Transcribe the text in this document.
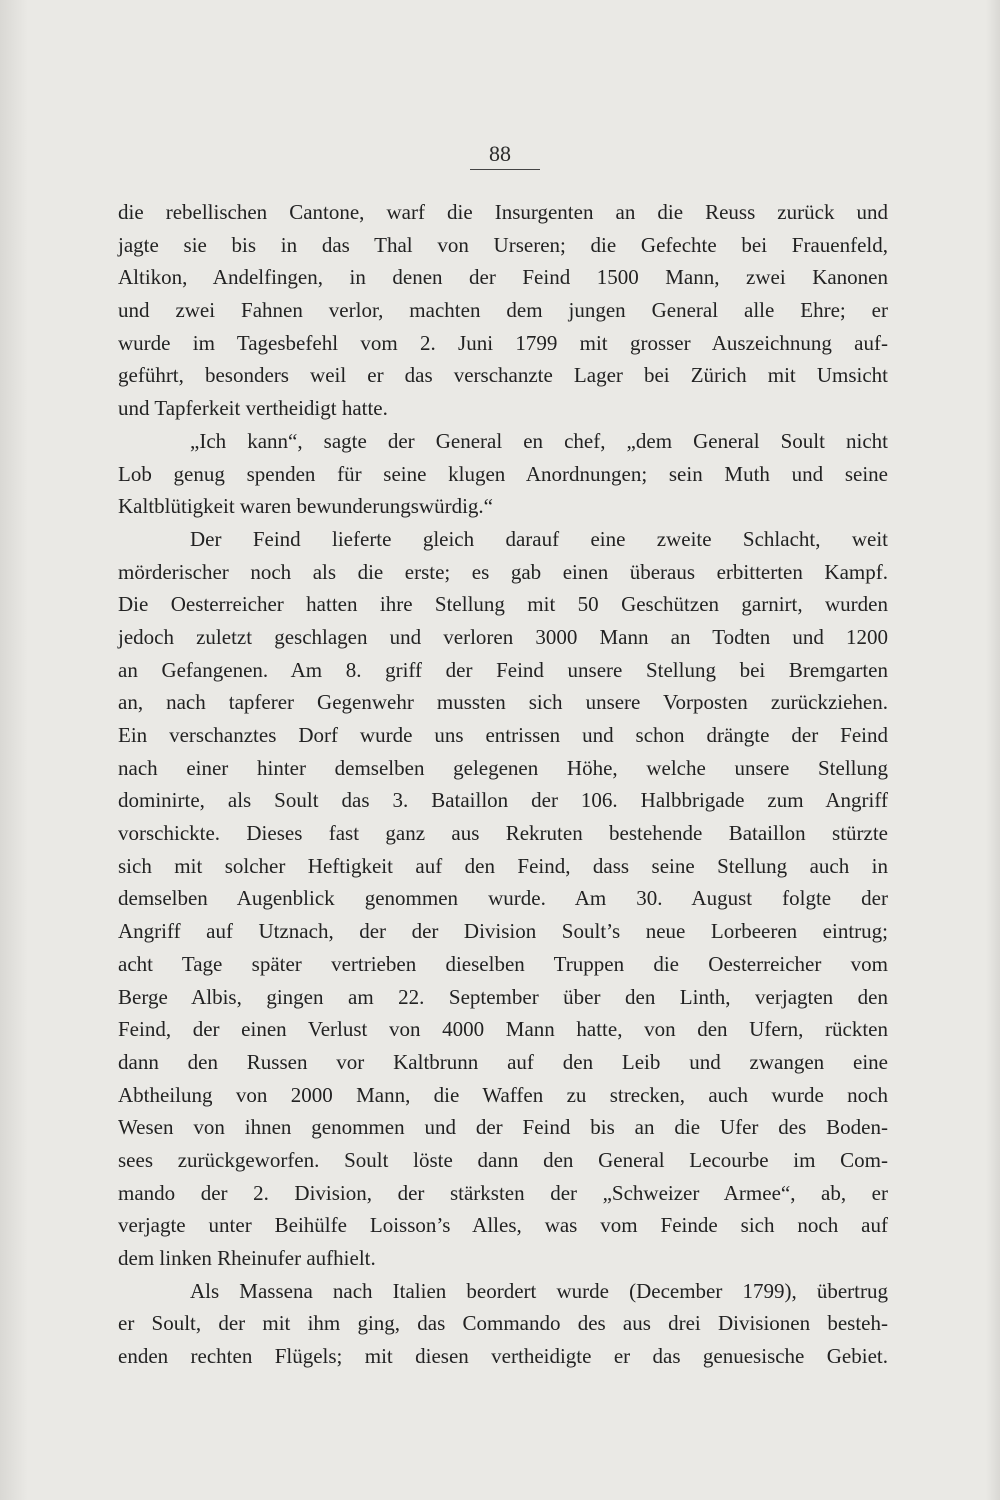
88
die rebellischen Cantone, warf die Insurgenten an die Reuss zurück und
jagte sie bis in das Thal von Urseren; die Gefechte bei Frauenfeld,
Altikon, Andelfingen, in denen der Feind 1500 Mann, zwei Kanonen
und zwei Fahnen verlor, machten dem jungen General alle Ehre; er
wurde im Tagesbefehl vom 2. Juni 1799 mit grosser Auszeichnung auf-
geführt, besonders weil er das verschanzte Lager bei Zürich mit Umsicht
und Tapferkeit vertheidigt hatte.
„Ich kann“, sagte der General en chef, „dem General Soult nicht
Lob genug spenden für seine klugen Anordnungen; sein Muth und seine
Kaltblütigkeit waren bewunderungswürdig.“
Der Feind lieferte gleich darauf eine zweite Schlacht, weit
mörderischer noch als die erste; es gab einen überaus erbitterten Kampf.
Die Oesterreicher hatten ihre Stellung mit 50 Geschützen garnirt, wurden
jedoch zuletzt geschlagen und verloren 3000 Mann an Todten und 1200
an Gefangenen. Am 8. griff der Feind unsere Stellung bei Bremgarten
an, nach tapferer Gegenwehr mussten sich unsere Vorposten zurückziehen.
Ein verschanztes Dorf wurde uns entrissen und schon drängte der Feind
nach einer hinter demselben gelegenen Höhe, welche unsere Stellung
dominirte, als Soult das 3. Bataillon der 106. Halbbrigade zum Angriff
vorschickte. Dieses fast ganz aus Rekruten bestehende Bataillon stürzte
sich mit solcher Heftigkeit auf den Feind, dass seine Stellung auch in
demselben Augenblick genommen wurde. Am 30. August folgte der
Angriff auf Utznach, der der Division Soult’s neue Lorbeeren eintrug;
acht Tage später vertrieben dieselben Truppen die Oesterreicher vom
Berge Albis, gingen am 22. September über den Linth, verjagten den
Feind, der einen Verlust von 4000 Mann hatte, von den Ufern, rückten
dann den Russen vor Kaltbrunn auf den Leib und zwangen eine
Abtheilung von 2000 Mann, die Waffen zu strecken, auch wurde noch
Wesen von ihnen genommen und der Feind bis an die Ufer des Boden-
sees zurückgeworfen. Soult löste dann den General Lecourbe im Com-
mando der 2. Division, der stärksten der „Schweizer Armee“, ab, er
verjagte unter Beihülfe Loisson’s Alles, was vom Feinde sich noch auf
dem linken Rheinufer aufhielt.
Als Massena nach Italien beordert wurde (December 1799), übertrug
er Soult, der mit ihm ging, das Commando des aus drei Divisionen besteh-
enden rechten Flügels; mit diesen vertheidigte er das genuesische Gebiet.
